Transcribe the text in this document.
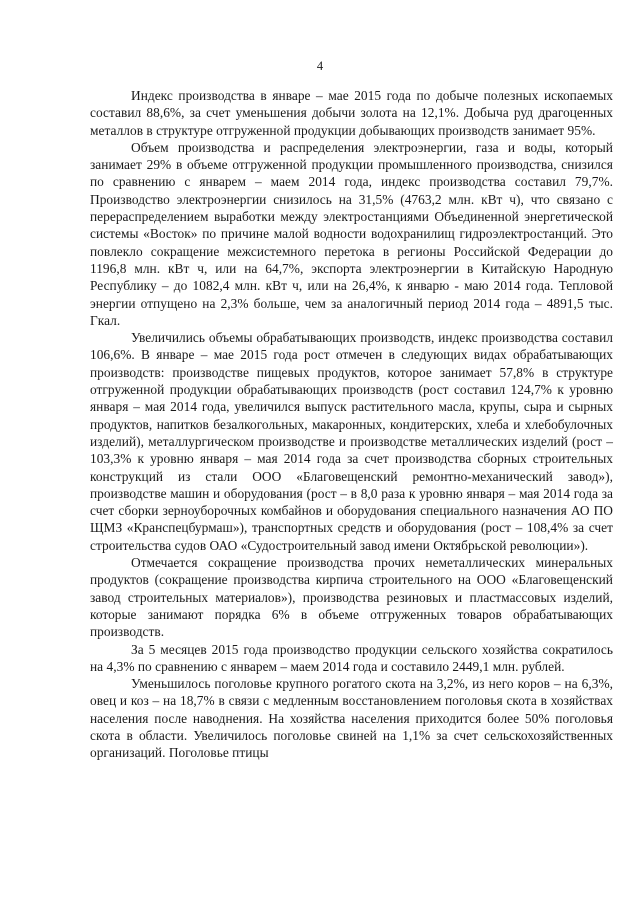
4

Индекс производства в январе – мае 2015 года по добыче полезных ископаемых составил 88,6%, за счет уменьшения добычи золота на 12,1%. Добыча руд драгоценных металлов в структуре отгруженной продукции добывающих производств занимает 95%.

Объем производства и распределения электроэнергии, газа и воды, который занимает 29% в объеме отгруженной продукции промышленного производства, снизился по сравнению с январем – маем 2014 года, индекс производства составил 79,7%. Производство электроэнергии снизилось на 31,5% (4763,2 млн. кВт ч), что связано с перераспределением выработки между электростанциями Объединенной энергетической системы «Восток» по причине малой водности водохранилищ гидроэлектростанций. Это повлекло сокращение межсистемного перетока в регионы Российской Федерации до 1196,8 млн. кВт ч, или на 64,7%, экспорта электроэнергии в Китайскую Народную Республику – до 1082,4 млн. кВт ч, или на 26,4%, к январю - маю 2014 года. Тепловой энергии отпущено на 2,3% больше, чем за аналогичный период 2014 года – 4891,5 тыс. Гкал.

Увеличились объемы обрабатывающих производств, индекс производства составил 106,6%. В январе – мае 2015 года рост отмечен в следующих видах обрабатывающих производств: производстве пищевых продуктов, которое занимает 57,8% в структуре отгруженной продукции обрабатывающих производств (рост составил 124,7% к уровню января – мая 2014 года, увеличился выпуск растительного масла, крупы, сыра и сырных продуктов, напитков безалкогольных, макаронных, кондитерских, хлеба и хлебобулочных изделий), металлургическом производстве и производстве металлических изделий (рост – 103,3% к уровню января – мая 2014 года за счет производства сборных строительных конструкций из стали ООО «Благовещенский ремонтно-механический завод»), производстве машин и оборудования (рост – в 8,0 раза к уровню января – мая 2014 года за счет сборки зерноуборочных комбайнов и оборудования специального назначения АО ПО ЩМЗ «Кранспецбурмаш»), транспортных средств и оборудования (рост – 108,4% за счет строительства судов ОАО «Судостроительный завод имени Октябрьской революции»).

Отмечается сокращение производства прочих неметаллических минеральных продуктов (сокращение производства кирпича строительного на ООО «Благовещенский завод строительных материалов»), производства резиновых и пластмассовых изделий, которые занимают порядка 6% в объеме отгруженных товаров обрабатывающих производств.

За 5 месяцев 2015 года производство продукции сельского хозяйства сократилось на 4,3% по сравнению с январем – маем 2014 года и составило 2449,1 млн. рублей.

Уменьшилось поголовье крупного рогатого скота на 3,2%, из него коров – на 6,3%, овец и коз – на 18,7% в связи с медленным восстановлением поголовья скота в хозяйствах населения после наводнения. На хозяйства населения приходится более 50% поголовья скота в области. Увеличилось поголовье свиней на 1,1% за счет сельскохозяйственных организаций. Поголовье птицы
